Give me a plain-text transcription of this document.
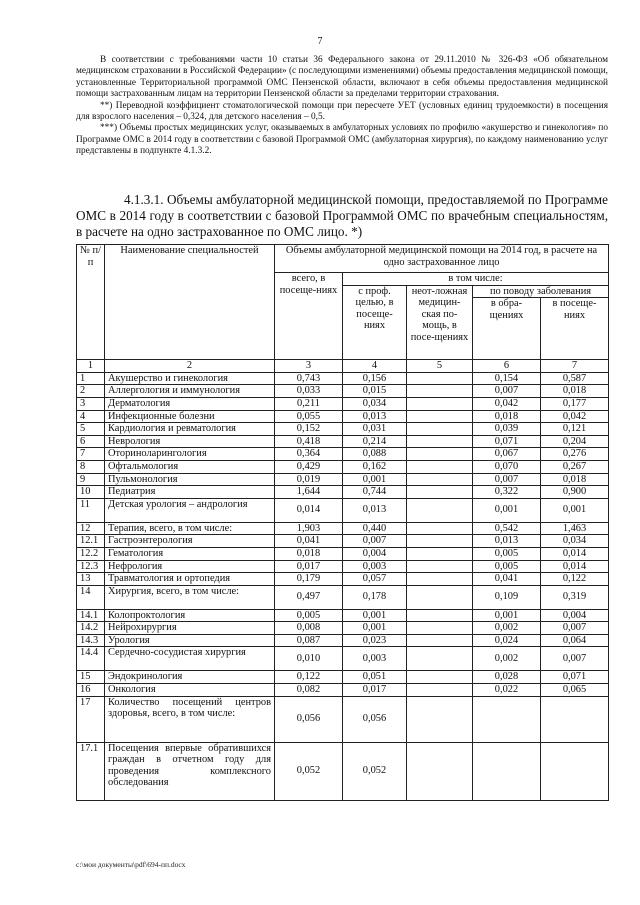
7

В соответствии с требованиями части 10 статьи 36 Федерального закона от 29.11.2010 № 326-ФЗ «Об обязательном медицинском страховании в Российской Федерации» (с последующими изменениями) объемы предоставления медицинской помощи, установленные Территориальной программой ОМС Пензенской области, включают в себя объемы предоставления медицинской помощи застрахованным лицам на территории Пензенской области за пределами территории страхования.

**) Переводной коэффициент стоматологической помощи при пересчете УЕТ (условных единиц трудоемкости) в посещения для взрослого населения – 0,324, для детского населения – 0,5.

***) Объемы простых медицинских услуг, оказываемых в амбулаторных условиях по профилю «акушерство и гинекология» по Программе ОМС в 2014 году в соответствии с базовой Программой ОМС (амбулаторная хирургия), по каждому наименованию услуг представлены в подпункте 4.1.3.2.

4.1.3.1. Объемы амбулаторной медицинской помощи, предоставляемой по Программе ОМС в 2014 году в соответствии с базовой Программой ОМС по врачебным специальностям, в расчете на одно застрахованное по ОМС лицо. *)
№ п/п	Наименование специальностей	Объемы амбулаторной медицинской помощи на 2014 год, в расчете на одно застрахованное лицо				
		всего, в посеще-ниях	в том числе:			
			с проф. целью, в посеще-ниях	неот-ложная медицин-ская по-мощь, в посе-щениях	по поводу заболевания	
					в обра-щениях	в посеще-ниях
1	2	3	4	5	6	7
1	Акушерство и гинекология	0,743	0,156		0,154	0,587
2	Аллергология и иммунология	0,033	0,015		0,007	0,018
3	Дерматология	0,211	0,034		0,042	0,177
4	Инфекционные болезни	0,055	0,013		0,018	0,042
5	Кардиология и ревматология	0,152	0,031		0,039	0,121
6	Неврология	0,418	0,214		0,071	0,204
7	Оториноларингология	0,364	0,088		0,067	0,276
8	Офтальмология	0,429	0,162		0,070	0,267
9	Пульмонология	0,019	0,001		0,007	0,018
10	Педиатрия	1,644	0,744		0,322	0,900
11	Детская урология – андрология	0,014	0,013		0,001	0,001
12	Терапия, всего, в том числе:	1,903	0,440		0,542	1,463
12.1	Гастроэнтерология	0,041	0,007		0,013	0,034
12.2	Гематология	0,018	0,004		0,005	0,014
12.3	Нефрология	0,017	0,003		0,005	0,014
13	Травматология и ортопедия	0,179	0,057		0,041	0,122
14	Хирургия, всего, в том числе:	0,497	0,178		0,109	0,319
14.1	Колопроктология	0,005	0,001		0,001	0,004
14.2	Нейрохирургия	0,008	0,001		0,002	0,007
14.3	Урология	0,087	0,023		0,024	0,064
14.4	Сердечно-сосудистая хирургия	0,010	0,003		0,002	0,007
15	Эндокринология	0,122	0,051		0,028	0,071
16	Онкология	0,082	0,017		0,022	0,065
17	Количество посещений центров здоровья, всего, в том числе:	0,056	0,056			
17.1	Посещения впервые обратившихся граждан в отчетном году для проведения комплексного обследования	0,052	0,052			
c:\мои документы\pdf\694-пп.docx
